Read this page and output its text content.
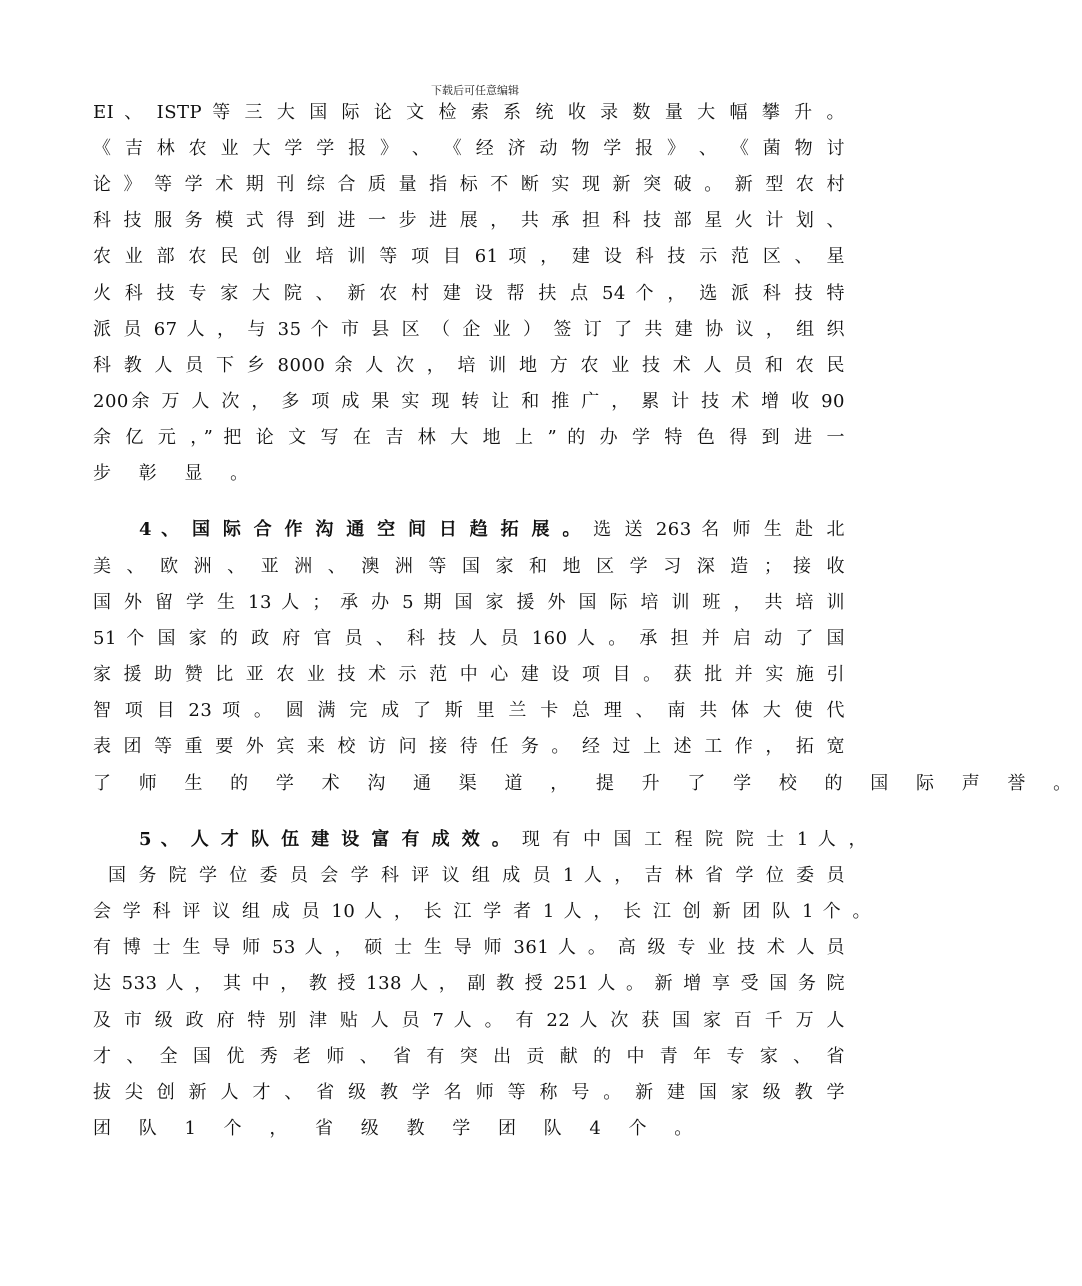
下载后可任意编辑
EI 、 ISTP 等 三 大 国 际 论 文 检 索 系 统 收 录 数 量 大 幅 攀 升 。
《 吉 林 农 业 大 学 学 报 》 、 《 经 济 动 物 学 报 》 、 《 菌 物 讨
论 》 等 学 术 期 刊 综 合 质 量 指 标 不 断 实 现 新 突 破 。 新 型 农 村
科 技 服 务 模 式 得 到 进 一 步 进 展 ， 共 承 担 科 技 部 星 火 计 划 、
农 业 部 农 民 创 业 培 训 等 项 目 61 项 ， 建 设 科 技 示 范 区 、 星
火 科 技 专 家 大 院 、 新 农 村 建 设 帮 扶 点 54 个 ， 选 派 科 技 特
派 员 67 人 ， 与 35 个 市 县 区 （ 企 业 ） 签 订 了 共 建 协 议 ， 组 织
科 教 人 员 下 乡 8000 余 人 次 ， 培 训 地 方 农 业 技 术 人 员 和 农 民
200余 万 人 次 ， 多 项 成 果 实 现 转 让 和 推 广 ， 累 计 技 术 增 收 90
余 亿 元 ，” 把 论 文 写 在 吉 林 大 地 上 ” 的 办 学 特 色 得 到 进 一
步 彰 显 。
4 、 国 际 合 作 沟 通 空 间 日 趋 拓 展 。 选 送 263 名 师 生 赴 北
美 、 欧 洲 、 亚 洲 、 澳 洲 等 国 家 和 地 区 学 习 深 造 ； 接 收
国 外 留 学 生 13 人 ； 承 办 5 期 国 家 援 外 国 际 培 训 班 ， 共 培 训
51 个 国 家 的 政 府 官 员 、 科 技 人 员 160 人 。 承 担 并 启 动 了 国
家 援 助 赞 比 亚 农 业 技 术 示 范 中 心 建 设 项 目 。 获 批 并 实 施 引
智 项 目 23 项 。 圆 满 完 成 了 斯 里 兰 卡 总 理 、 南 共 体 大 使 代
表 团 等 重 要 外 宾 来 校 访 问 接 待 任 务 。 经 过 上 述 工 作 ， 拓 宽
了 师 生 的 学 术 沟 通 渠 道 ， 提 升 了 学 校 的 国 际 声 誉 。
5 、 人 才 队 伍 建 设 富 有 成 效 。 现 有 中 国 工 程 院 院 士 1 人 ，
国 务 院 学 位 委 员 会 学 科 评 议 组 成 员 1 人 ， 吉 林 省 学 位 委 员
会 学 科 评 议 组 成 员 10 人 ， 长 江 学 者 1 人 ， 长 江 创 新 团 队 1 个 。
有 博 士 生 导 师 53 人 ， 硕 士 生 导 师 361 人 。 高 级 专 业 技 术 人 员
达 533 人 ， 其 中 ， 教 授 138 人 ， 副 教 授 251 人 。 新 增 享 受 国 务 院
及 市 级 政 府 特 别 津 贴 人 员 7 人 。 有 22 人 次 获 国 家 百 千 万 人
才 、 全 国 优 秀 老 师 、 省 有 突 出 贡 献 的 中 青 年 专 家 、 省
拔 尖 创 新 人 才 、 省 级 教 学 名 师 等 称 号 。 新 建 国 家 级 教 学
团 队 1 个 ， 省 级 教 学 团 队 4 个 。
